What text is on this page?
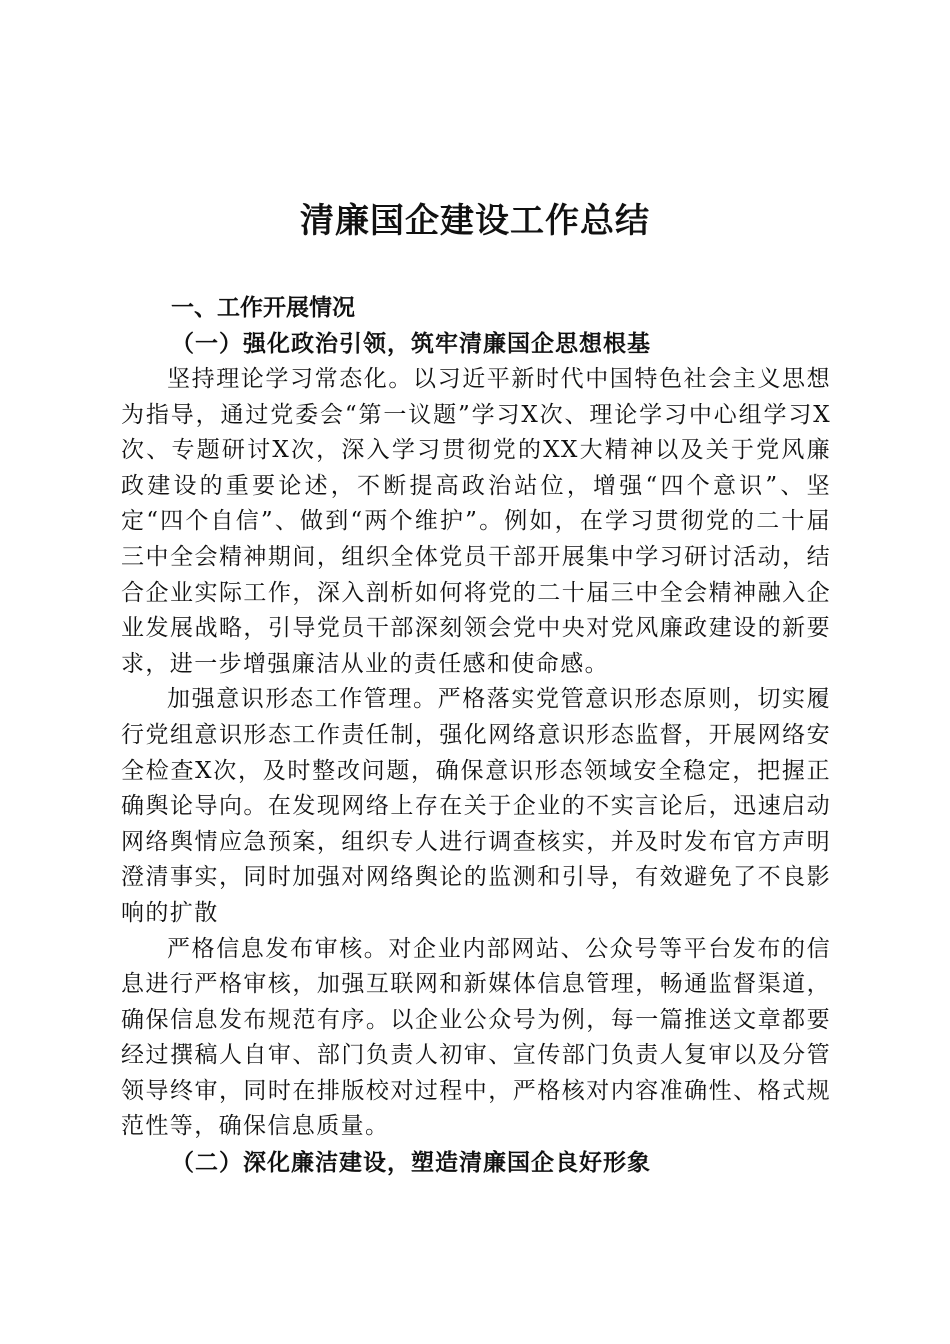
清廉国企建设工作总结

一、工作开展情况

（一）强化政治引领，筑牢清廉国企思想根基

坚持理论学习常态化。以习近平新时代中国特色社会主义思想为指导，通过党委会“第一议题”学习X次、理论学习中心组学习X次、专题研讨X次，深入学习贯彻党的XX大精神以及关于党风廉政建设的重要论述，不断提高政治站位，增强“四个意识”、坚定“四个自信”、做到“两个维护”。例如，在学习贯彻党的二十届三中全会精神期间，组织全体党员干部开展集中学习研讨活动，结合企业实际工作，深入剖析如何将党的二十届三中全会精神融入企业发展战略，引导党员干部深刻领会党中央对党风廉政建设的新要求，进一步增强廉洁从业的责任感和使命感。

加强意识形态工作管理。严格落实党管意识形态原则，切实履行党组意识形态工作责任制，强化网络意识形态监督，开展网络安全检查X次，及时整改问题，确保意识形态领域安全稳定，把握正确舆论导向。在发现网络上存在关于企业的不实言论后，迅速启动网络舆情应急预案，组织专人进行调查核实，并及时发布官方声明澄清事实，同时加强对网络舆论的监测和引导，有效避免了不良影响的扩散

严格信息发布审核。对企业内部网站、公众号等平台发布的信息进行严格审核，加强互联网和新媒体信息管理，畅通监督渠道，确保信息发布规范有序。以企业公众号为例，每一篇推送文章都要经过撰稿人自审、部门负责人初审、宣传部门负责人复审以及分管领导终审，同时在排版校对过程中，严格核对内容准确性、格式规范性等，确保信息质量。

（二）深化廉洁建设，塑造清廉国企良好形象
